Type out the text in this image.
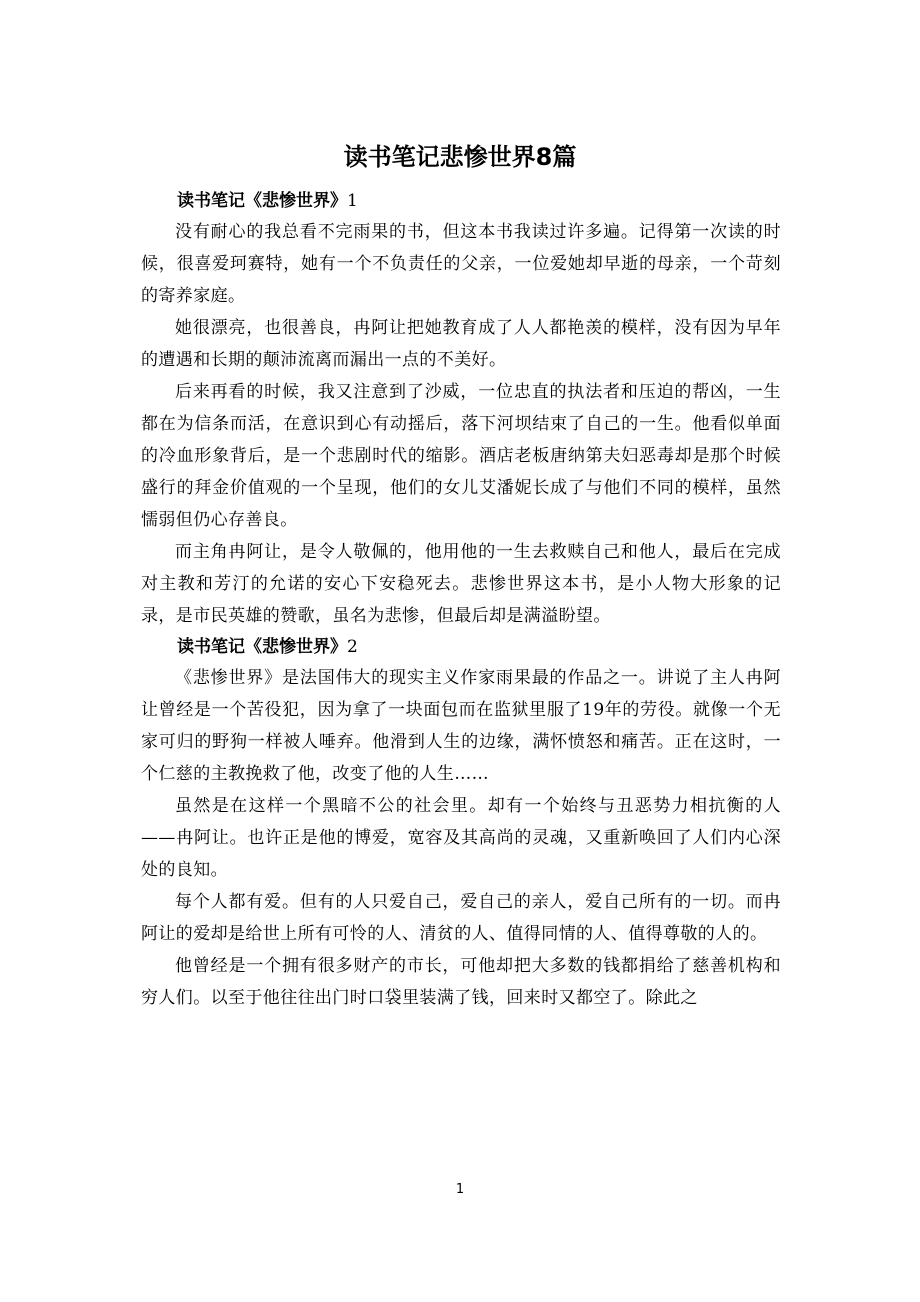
读书笔记悲惨世界8篇
读书笔记《悲惨世界》1

没有耐心的我总看不完雨果的书，但这本书我读过许多遍。记得第一次读的时候，很喜爱珂赛特，她有一个不负责任的父亲，一位爱她却早逝的母亲，一个苛刻的寄养家庭。

她很漂亮，也很善良，冉阿让把她教育成了人人都艳羡的模样，没有因为早年的遭遇和长期的颠沛流离而漏出一点的不美好。

后来再看的时候，我又注意到了沙威，一位忠直的执法者和压迫的帮凶，一生都在为信条而活，在意识到心有动摇后，落下河坝结束了自己的一生。他看似单面的冷血形象背后，是一个悲剧时代的缩影。酒店老板唐纳第夫妇恶毒却是那个时候盛行的拜金价值观的一个呈现，他们的女儿艾潘妮长成了与他们不同的模样，虽然懦弱但仍心存善良。

而主角冉阿让，是令人敬佩的，他用他的一生去救赎自己和他人，最后在完成对主教和芳汀的允诺的安心下安稳死去。悲惨世界这本书，是小人物大形象的记录，是市民英雄的赞歌，虽名为悲惨，但最后却是满溢盼望。

读书笔记《悲惨世界》2

《悲惨世界》是法国伟大的现实主义作家雨果最的作品之一。讲说了主人冉阿让曾经是一个苦役犯，因为拿了一块面包而在监狱里服了19年的劳役。就像一个无家可归的野狗一样被人唾弃。他滑到人生的边缘，满怀愤怒和痛苦。正在这时，一个仁慈的主教挽救了他，改变了他的人生……

虽然是在这样一个黑暗不公的社会里。却有一个始终与丑恶势力相抗衡的人——冉阿让。也许正是他的博爱，宽容及其高尚的灵魂，又重新唤回了人们内心深处的良知。

每个人都有爱。但有的人只爱自己，爱自己的亲人，爱自己所有的一切。而冉阿让的爱却是给世上所有可怜的人、清贫的人、值得同情的人、值得尊敬的人的。

他曾经是一个拥有很多财产的市长，可他却把大多数的钱都捐给了慈善机构和穷人们。以至于他往往出门时口袋里装满了钱，回来时又都空了。除此之

1
